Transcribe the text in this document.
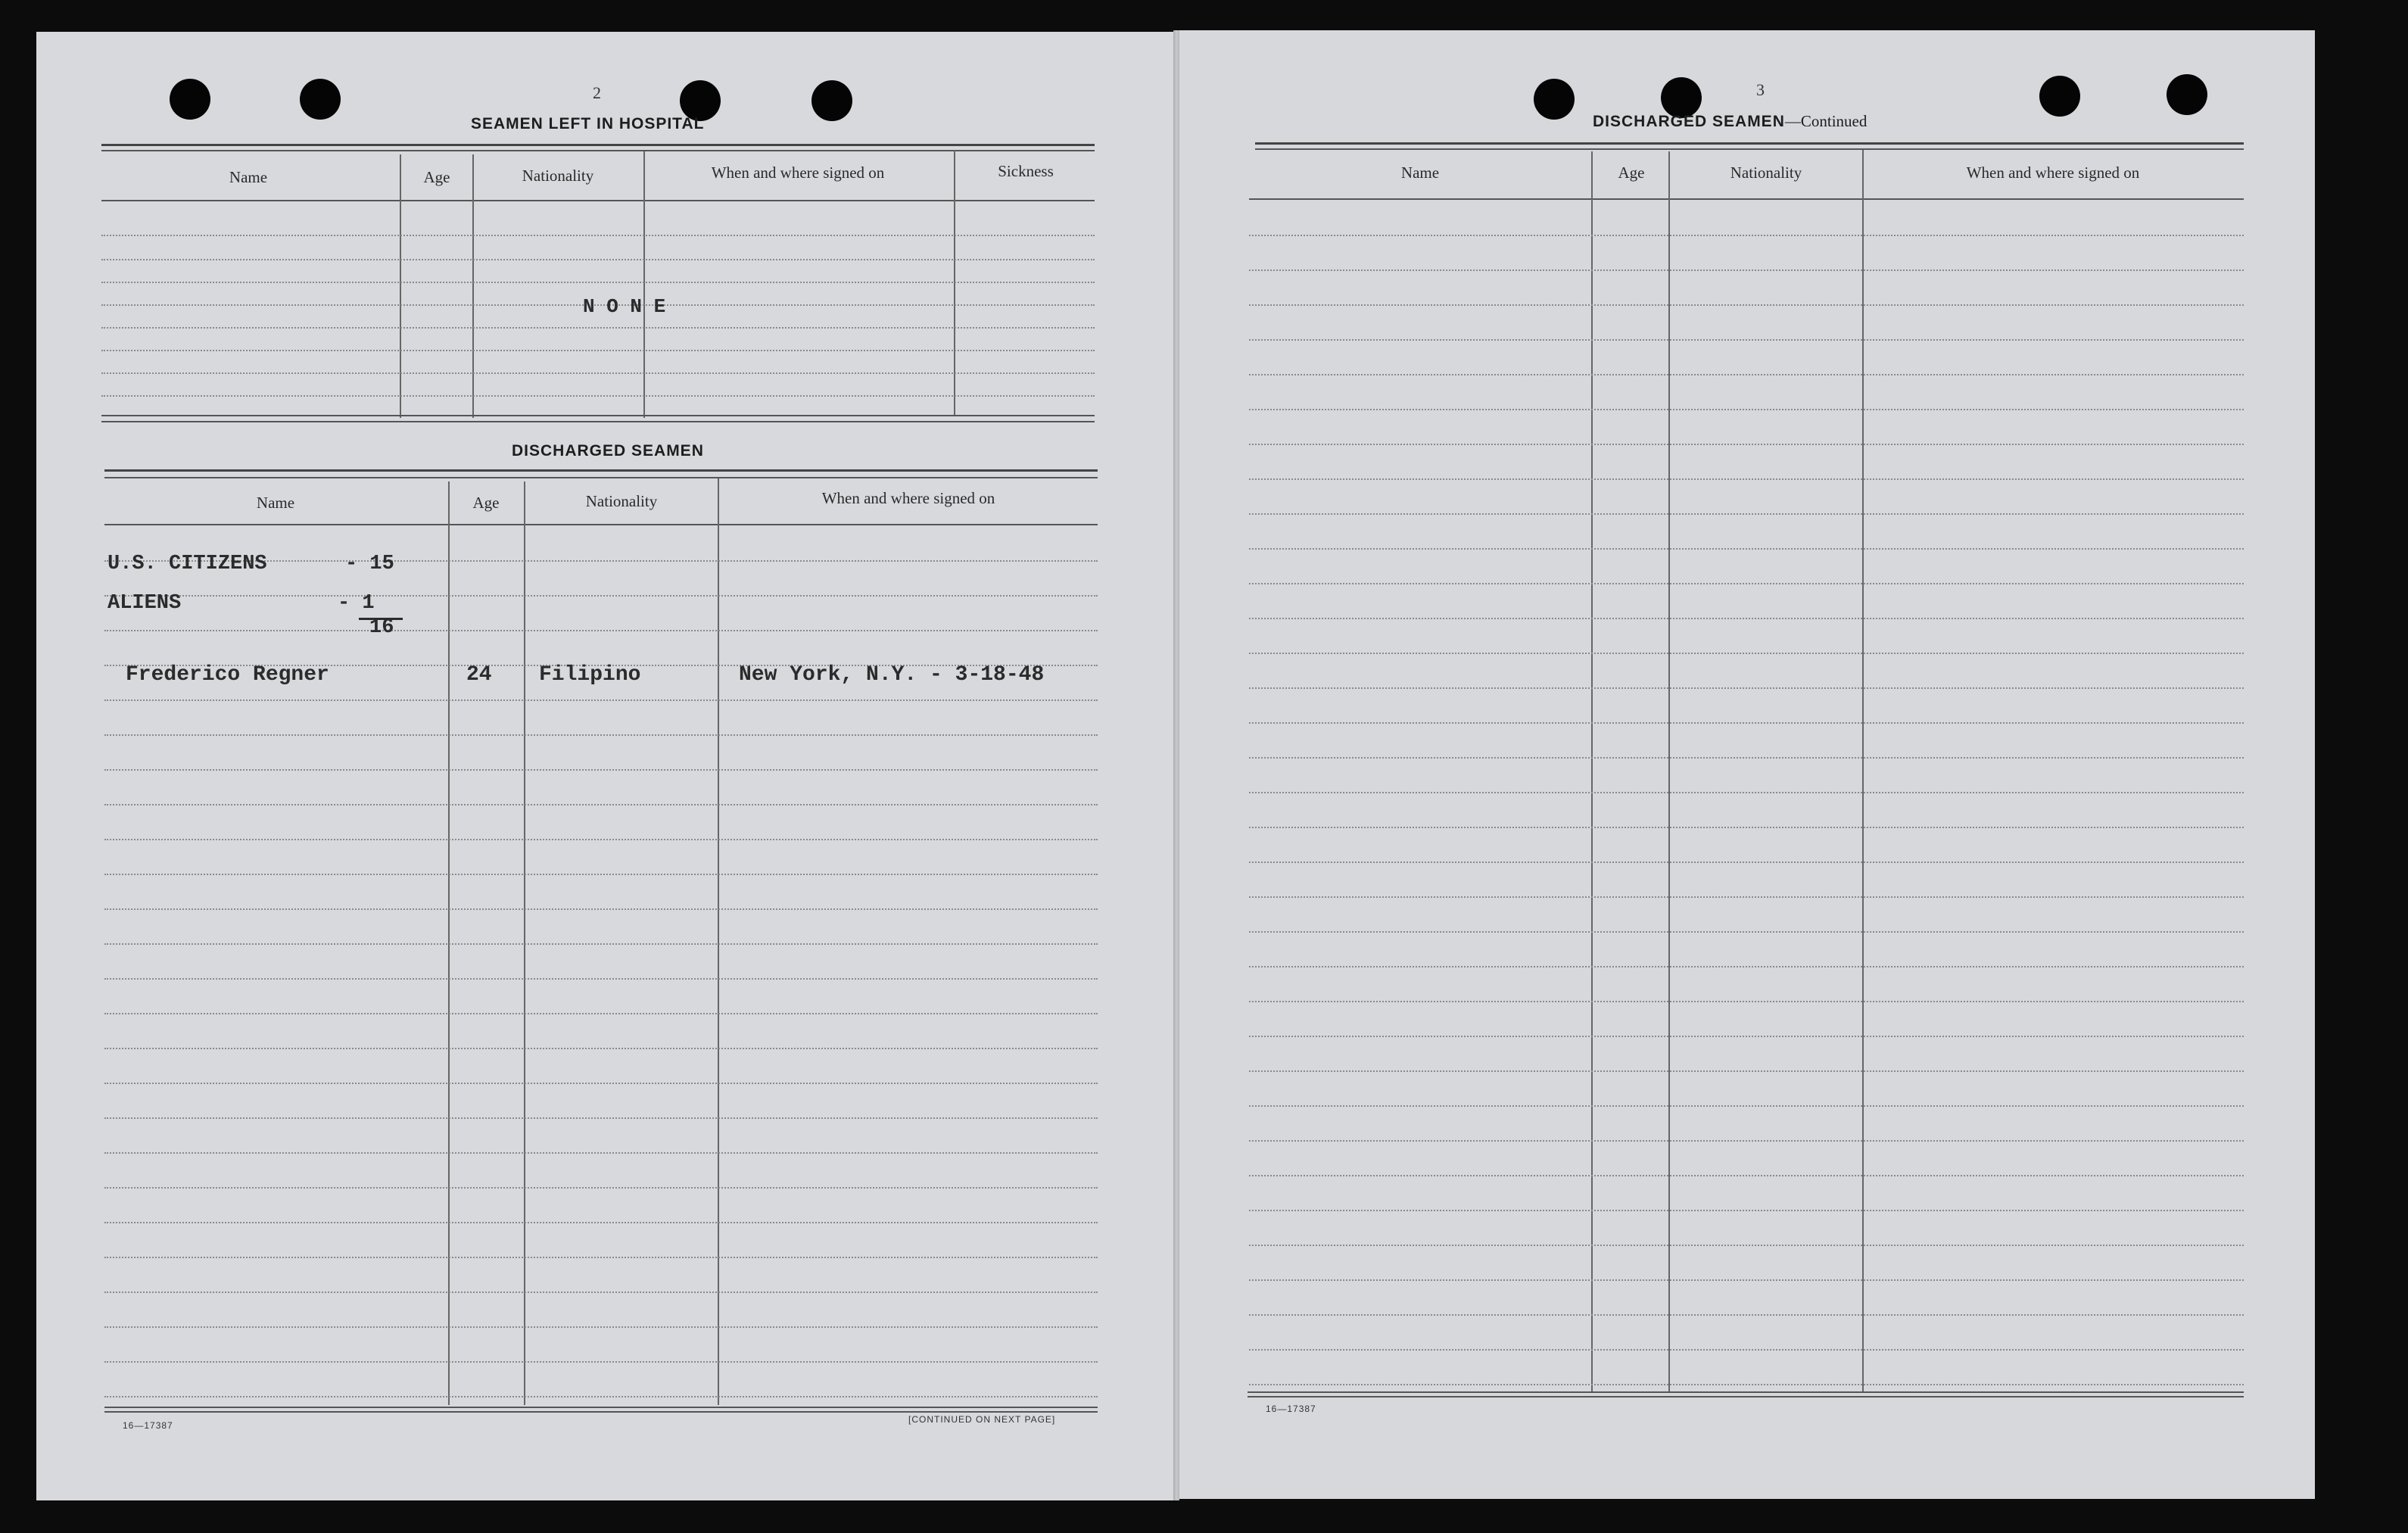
2
SEAMEN LEFT IN HOSPITAL
Name	Age	Nationality	When and where signed on	Sickness
N O N E
DISCHARGED SEAMEN
Name	Age	Nationality	When and where signed on
U.S. CITIZENS	- 15
ALIENS	- 1
16
Frederico Regner	24 Filipino	New York, N.Y. - 3-18-48
16—17387
[CONTINUED ON NEXT PAGE]
3
DISCHARGED SEAMEN—Continued
Name	Age	Nationality	When and where signed on
16—17387
